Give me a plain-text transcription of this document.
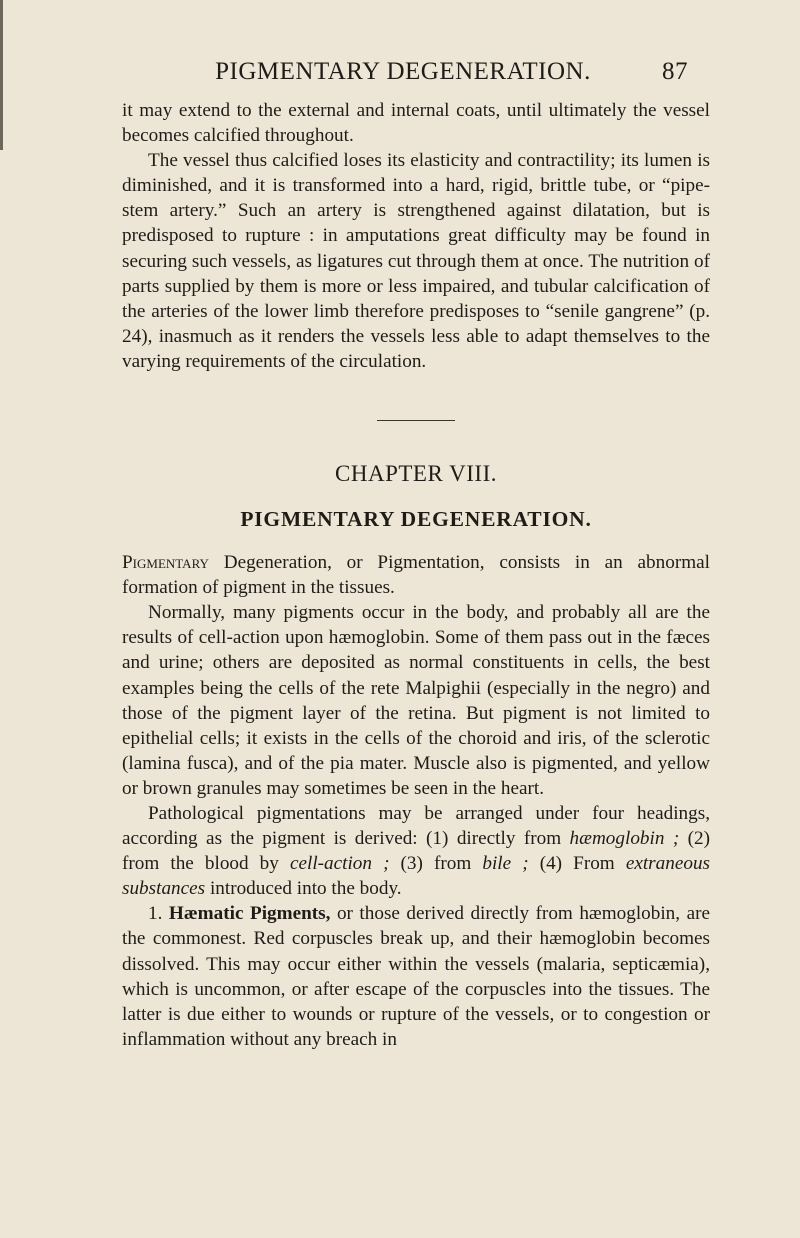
PIGMENTARY DEGENERATION.	87

it may extend to the external and internal coats, until ultimately the vessel becomes calcified throughout.

The vessel thus calcified loses its elasticity and contractility; its lumen is diminished, and it is transformed into a hard, rigid, brittle tube, or “pipe-stem artery.” Such an artery is strengthened against dilatation, but is predisposed to rupture : in amputations great difficulty may be found in securing such vessels, as ligatures cut through them at once. The nutrition of parts supplied by them is more or less impaired, and tubular calcification of the arteries of the lower limb therefore predisposes to “senile gangrene” (p. 24), inasmuch as it renders the vessels less able to adapt themselves to the varying requirements of the circulation.

CHAPTER VIII.
PIGMENTARY DEGENERATION.

Pigmentary Degeneration, or Pigmentation, consists in an abnormal formation of pigment in the tissues.

Normally, many pigments occur in the body, and probably all are the results of cell-action upon hæmoglobin. Some of them pass out in the fæces and urine; others are deposited as normal constituents in cells, the best examples being the cells of the rete Malpighii (especially in the negro) and those of the pigment layer of the retina. But pigment is not limited to epithelial cells; it exists in the cells of the choroid and iris, of the sclerotic (lamina fusca), and of the pia mater. Muscle also is pigmented, and yellow or brown granules may sometimes be seen in the heart.

Pathological pigmentations may be arranged under four headings, according as the pigment is derived: (1) directly from hæmoglobin ; (2) from the blood by cell-action ; (3) from bile ; (4) From extraneous substances introduced into the body.

1. Hæmatic Pigments, or those derived directly from hæmoglobin, are the commonest. Red corpuscles break up, and their hæmoglobin becomes dissolved. This may occur either within the vessels (malaria, septicæmia), which is uncommon, or after escape of the corpuscles into the tissues. The latter is due either to wounds or rupture of the vessels, or to congestion or inflammation without any breach in
